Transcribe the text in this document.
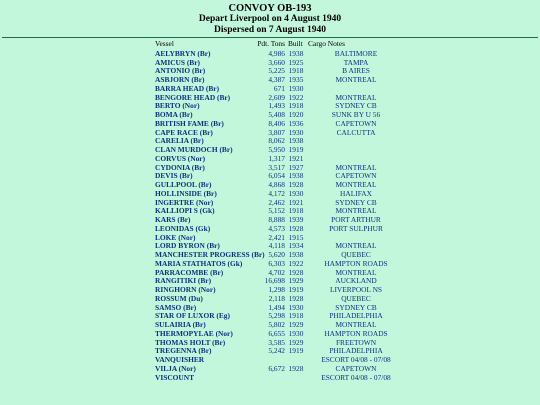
CONVOY OB-193
Depart Liverpool on 4 August 1940
Dispersed on 7 August 1940
Vessel	Pdt. Tons Built Cargo Notes
AELYBRYN (Br)	4,986 1938	BALTIMORE
AMICUS (Br)	3,660 1925	TAMPA
ANTONIO (Br)	5,225 1918	B AIRES
ASBJORN (Br)	4,387 1935	MONTREAL
BARRA HEAD (Br)	671 1930
BENGORE HEAD (Br)	2,609 1922	MONTREAL
BERTO (Nor)	1,493 1918	SYDNEY CB
BOMA (Br)	5,408 1920	SUNK BY U 56
BRITISH FAME (Br)	8,406 1936	CAPETOWN
CAPE RACE (Br)	3,807 1930	CALCUTTA
CARELIA (Br)	8,062 1938
CLAN MURDOCH (Br)	5,950 1919
CORVUS (Nor)	1,317 1921
CYDONIA (Br)	3,517 1927	MONTREAL
DEVIS (Br)	6,054 1938	CAPETOWN
GULLPOOL (Br)	4,868 1928	MONTREAL
HOLLINSIDE (Br)	4,172 1930	HALIFAX
INGERTRE (Nor)	2,462 1921	SYDNEY CB
KALLIOPI S (Gk)	5,152 1918	MONTREAL
KARS (Br)	8,888 1939	PORT ARTHUR
LEONIDAS (Gk)	4,573 1928	PORT SULPHUR
LOKE (Nor)	2,421 1915
LORD BYRON (Br)	4,118 1934	MONTREAL
MANCHESTER PROGRESS (Br) 5,620 1938	QUEBEC
MARIA STATHATOS (Gk)	6,303 1922	HAMPTON ROADS
PARRACOMBE (Br)	4,702 1928	MONTREAL
RANGITIKI (Br)	16,698 1929	AUCKLAND
RINGHORN (Nor)	1,298 1919	LIVERPOOL NS
ROSSUM (Du)	2,118 1928	QUEBEC
SAMSO (Br)	1,494 1930	SYDNEY CB
STAR OF LUXOR (Eg)	5,298 1918	PHILADELPHIA
SULAIRIA (Br)	5,802 1929	MONTREAL
THERMOPYLAE (Nor)	6,655 1930	HAMPTON ROADS
THOMAS HOLT (Br)	3,585 1929	FREETOWN
TREGENNA (Br)	5,242 1919	PHILADELPHIA
VANQUISHER	ESCORT 04/08 - 07/08
VILJA (Nor)	6,672 1928	CAPETOWN
VISCOUNT	ESCORT 04/08 - 07/08
